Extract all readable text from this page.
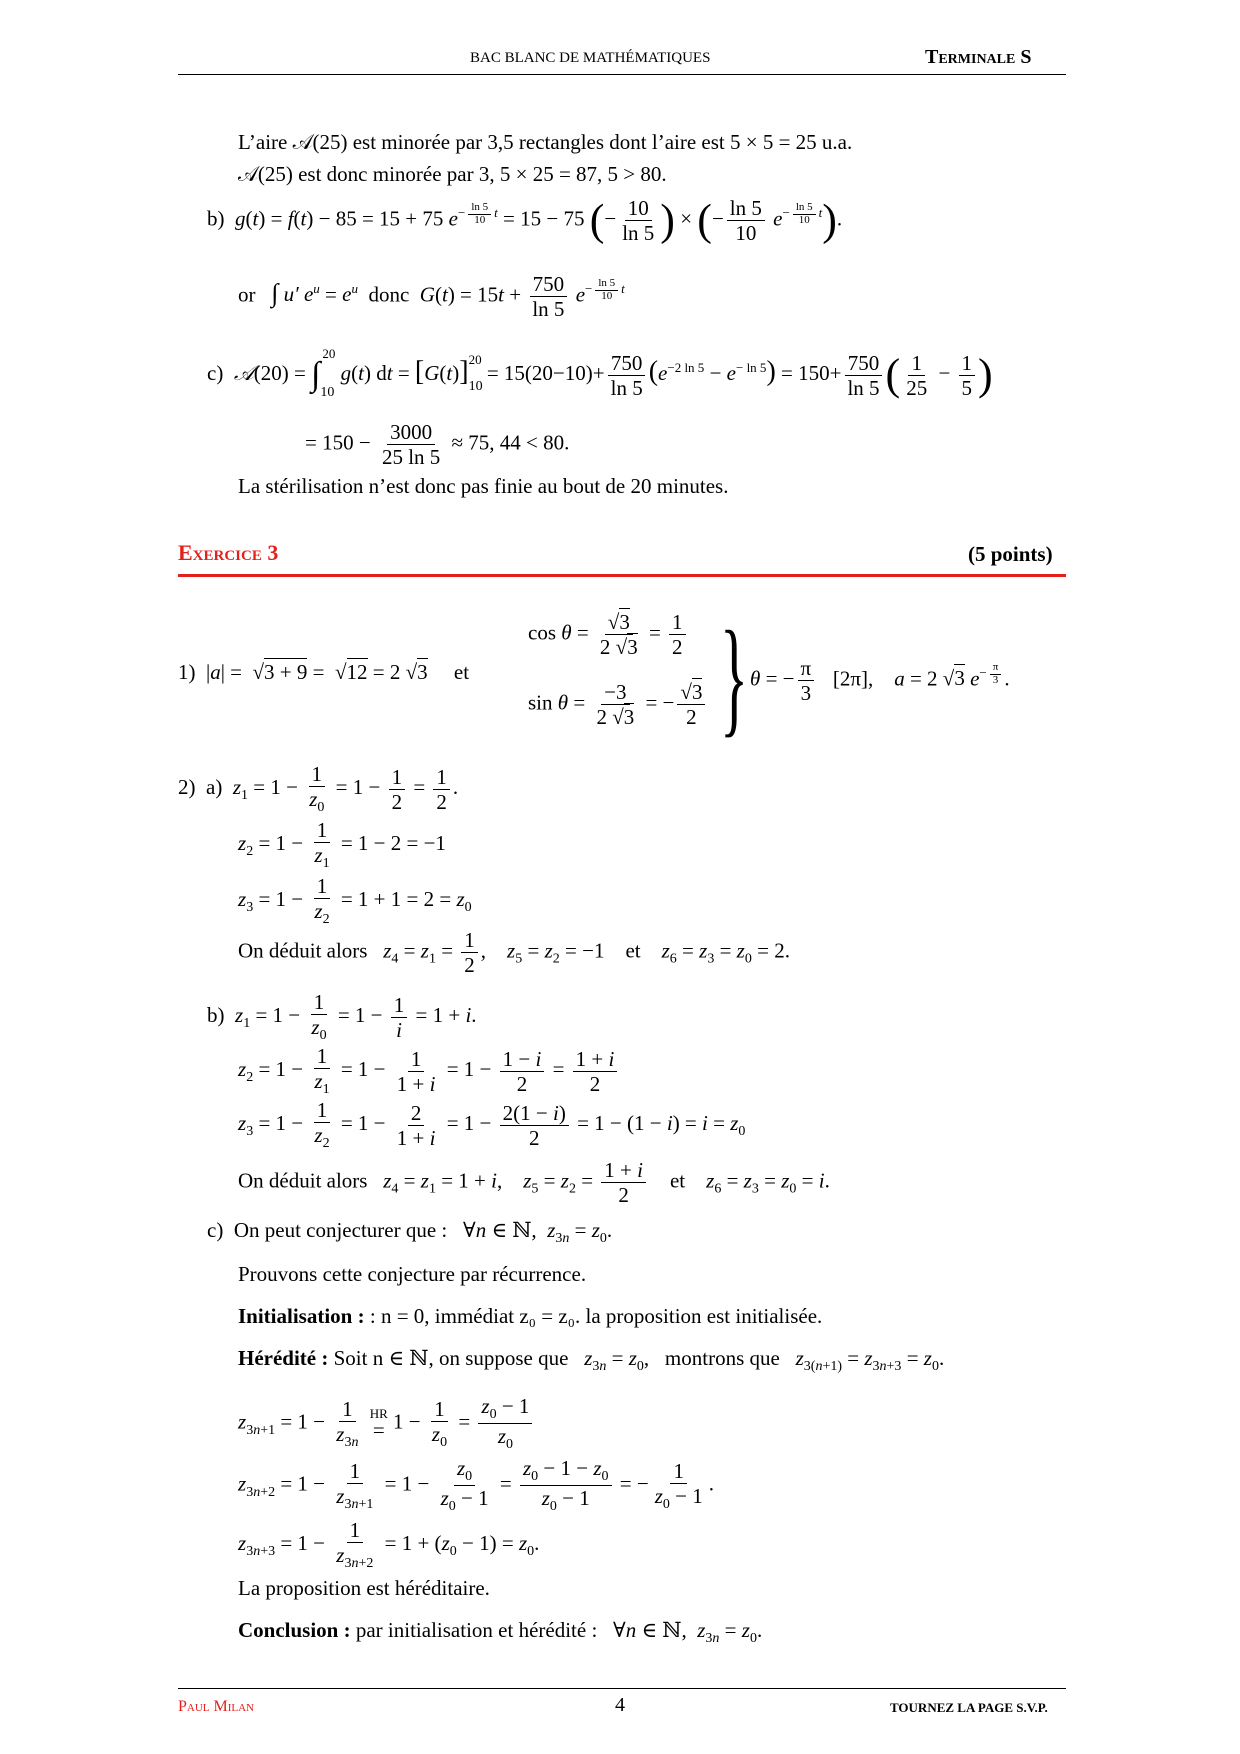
BAC BLANC DE MATHÉMATIQUES	Terminale S
L’aire 𝒜(25) est minorée par 3,5 rectangles dont l’aire est 5 × 5 = 25 u.a.
𝒜(25) est donc minorée par 3, 5 × 25 = 87, 5 > 80.
b) g(t) = f(t) − 85 = 15 + 75 $e^{- \frac{\ln 5}{10} t} = 15 - 75$ (− $\frac{10}{\ln 5}$ ) × (− $\frac{\ln 5}{10} e^{- \frac{\ln 5}{10} t}$).
or ∫ u′ $e^u = e^u$ donc $G(t) = 15t + \frac{750}{\ln 5} e^{- \frac{\ln 5}{10} t}$
c) 𝒜(20) = $\int_{10}^{20}$ g(t) dt = $[G(t)]_{10}^{20} = 15(20-10)+ \frac{750}{\ln 5} (e^{-2 ln 5} - e^{- ln 5}) = 150+ \frac{750}{\ln 5}$ ( $\frac{1}{25} - \frac{1}{5}$ )
= $150 - \frac{3000}{25 \ln 5} \approx 75$, 44 < 80.
La stérilisation n’est donc pas finie au bout de 20 minutes.
Exercice 3	(5 points)
1)  |a| =  √3 + 9 =  √12 = 2 √3 et
$\cos \theta = \frac{√3}{2 √3} = \frac{1}{2}$
$\sin \theta = \frac{-3}{2 √3}$ = − $\frac{√3}{2}$ } θ = − $\frac{\pi}{3} [2\pi]$, a = 2 √3 $e^{- \frac{\pi}{3}}$ .
2) a) $z_1 = 1 - \frac{1}{z_0} = 1 - \frac{1}{2} = \frac{1}{2}$ .
$z_2 = 1 - \frac{1}{z_1} = 1 - 2 = -1$
$z_3 = 1 - \frac{1}{z_2} = 1 + 1 = 2 = z_0$
On déduit alors $z_4 = z_1 = \frac{1}{2}$ ,    $z_5 = z_2 = -1$    et    $z_6 = z_3 = z_0 = 2$.
b) $z_1 = 1 - \frac{1}{z_0} = 1 - \frac{1}{i} = 1 + i$.
$z_2 = 1 - \frac{1}{z_1} = 1 - \frac{1}{1 + i} = 1 - \frac{1 - i}{2} = \frac{1 + i}{2}$
$z_3 = 1 - \frac{1}{z_2} = 1 - \frac{2}{1 + i} = 1 - \frac{2(1 - i)}{2} = 1 - (1 - i) = i = z_0$
On déduit alors $z_4 = z_1 = 1 + i$,    $z_5 = z_2 = \frac{1 + i}{2}$ et    $z_6 = z_3 = z_0 = i$.
c) On peut conjecturer que :   ∀n ∈ ℕ,  $z_{3n} = z_0$.
Prouvons cette conjecture par récurrence.
Initialisation : : n = 0, immédiat z₀ = z₀. la proposition est initialisée.
Hérédité : Soit n ∈ ℕ, on suppose que $z_{3n} = z_0$,   montrons que $z_{3(n+1)} = z_{3n+3} = z_0$.
$z_{3n+1} = 1 - \frac{1}{z_{3n}}$
HR
= $1 - \frac{1}{z_0} = \frac{z_0 - 1}{z_0}$
$z_{3n+2} = 1 - \frac{1}{z_{3n+1}} = 1 - \frac{z_0}{z_0 - 1} = \frac{z_0 - 1 - z_0}{z_0 - 1}$ = − $\frac{1}{z_0 - 1}$ .
$z_{3n+3} = 1 - \frac{1}{z_{3n+2}} = 1 + (z_0 - 1) = z_0$.
La proposition est héréditaire.
Conclusion : par initialisation et hérédité :   ∀n ∈ ℕ,  $z_{3n} = z_0$.
Paul Milan	4	TOURNEZ LA PAGE S.V.P.
